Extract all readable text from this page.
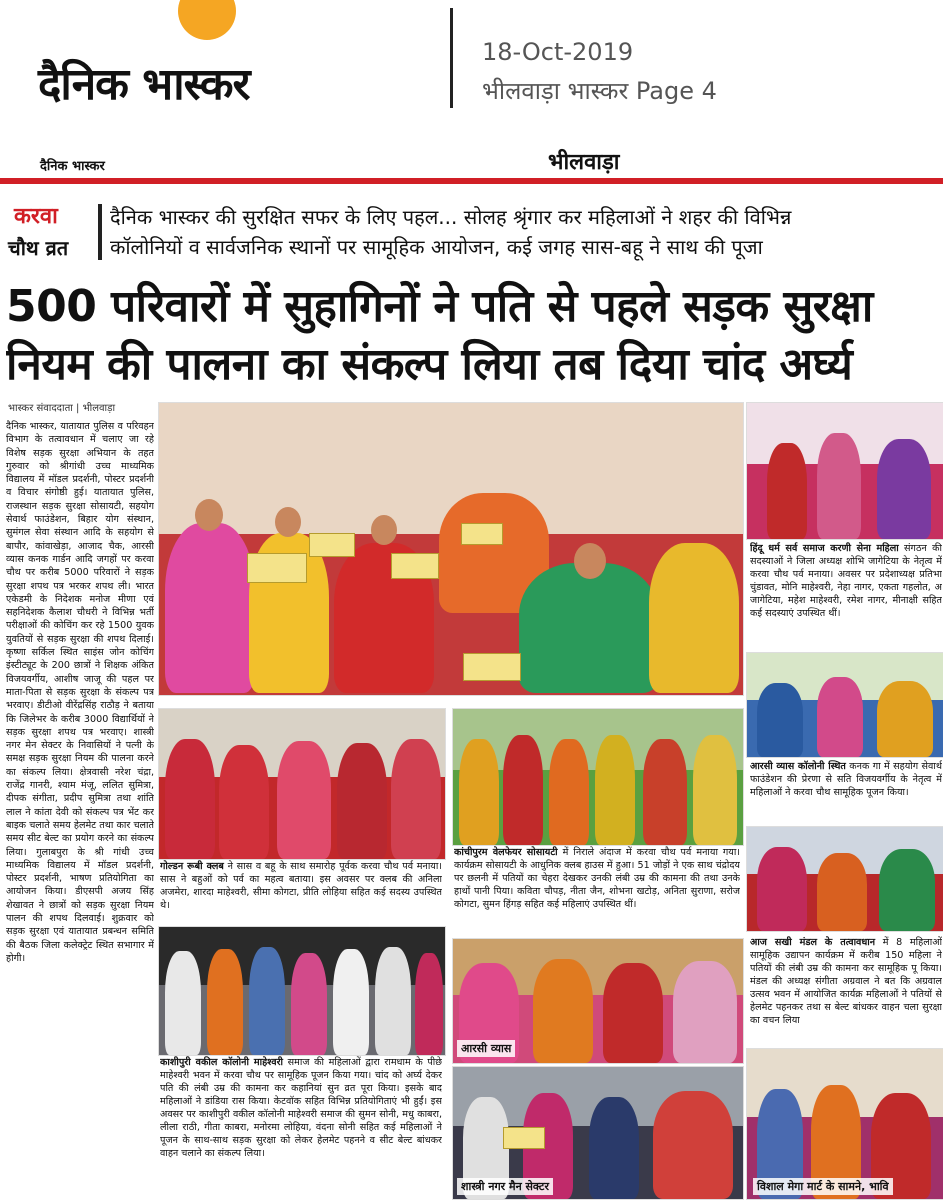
दैनिक भास्कर
18-Oct-2019
भीलवाड़ा भास्कर Page 4
दैनिक भास्कर	भीलवाड़ा
करवा
चौथ व्रत
दैनिक भास्कर की सुरक्षित सफर के लिए पहल... सोलह श्रृंगार कर महिलाओं ने शहर की विभिन्न
कॉलोनियों व सार्वजनिक स्थानों पर सामूहिक आयोजन, कई जगह सास-बहू ने साथ की पूजा
500 परिवारों में सुहागिनों ने पति से पहले सड़क सुरक्षा
नियम की पालना का संकल्प लिया तब दिया चांद अर्घ्य
भास्कर संवाददाता | भीलवाड़ा
दैनिक भास्कर, यातायात पुलिस व परिवहन विभाग के तत्वावधान में चलाए जा रहे विशेष सड़क सुरक्षा अभियान के तहत गुरुवार को श्रीगांधी उच्च माध्यमिक विद्यालय में मॉडल प्रदर्शनी, पोस्टर प्रदर्शनी व विचार संगोष्ठी हुई। यातायात पुलिस, राजस्थान सड़क सुरक्षा सोसायटी, सहयोग सेवार्थ फाउंडेशन, बिहार योग संस्थान, सुमंगल सेवा संस्थान आदि के सहयोग से बापौर, कांवाखेड़ा, आजाद चैक, आरसी व्यास कनक गार्डन आदि जगहों पर करवा चौथ पर करीब 5000 परिवारों ने सड़क सुरक्षा शपथ पत्र भरकर शपथ ली। भारत एकेडमी के निदेशक मनोज मीणा एवं सहनिदेशक कैलाश चौधरी ने विभिन्न भर्ती परीक्षाओं की कोचिंग कर रहे 1500 युवक युवतियों से सड़क सुरक्षा की शपथ दिलाई। कृष्णा सर्किल स्थित साइंस जोन कोचिंग इंस्टीट्यूट के 200 छात्रों ने शिक्षक अंकित विजयवर्गीय, आशीष जाजू की पहल पर माता-पिता से सड़क सुरक्षा के संकल्प पत्र भरवाए। डीटीओ वीरेंद्रसिंह राठौड़ ने बताया कि जिलेभर के करीब 3000 विद्यार्थियों ने सड़क सुरक्षा शपथ पत्र भरवाए। शास्त्री नगर मेन सेक्टर के निवासियों ने पत्नी के समक्ष सड़क सुरक्षा नियम की पालना करने का संकल्प लिया। क्षेत्रवासी नरेश चंद्रा, राजेंद्र गानरी, श्याम मंजू, ललित सुमित्रा, दीपक संगीता, प्रदीप सुमित्रा तथा शांति लाल ने कांता देवी को संकल्प पत्र भेंट कर बाइक चलाते समय हेलमेट तथा कार चलाते समय सीट बेल्ट का प्रयोग करने का संकल्प लिया। गुलाबपुरा के श्री गांधी उच्च माध्यमिक विद्यालय में मॉडल प्रदर्शनी, पोस्टर प्रदर्शनी, भाषण प्रतियोगिता का आयोजन किया। डीएसपी अजय सिंह शेखावत ने छात्रों को सड़क सुरक्षा नियम पालन की शपथ दिलवाई। शुक्रवार को सड़क सुरक्षा एवं यातायात प्रबन्धन समिति की बैठक जिला कलेक्ट्रेट स्थित सभागार में होगी।
हिंदू धर्म सर्व समाज करणी सेना महिला संगठन की सदस्याओं ने जिला अध्यक्ष शोभि जागेटिया के नेतृत्व में करवा चौथ पर्व मनाया। अवसर पर प्रदेशाध्यक्ष प्रतिभा चुंडावत, मोनि माहेश्वरी, नेहा नागर, एकता गहलोत, अ जागेटिया, महेश माहेश्वरी, रमेश नागर, मीनाक्षी सहित कई सदस्याएं उपस्थित थीं।
आरसी व्यास कॉलोनी स्थित कनक गा में सहयोग सेवार्थ फाउंडेशन की प्रेरणा से सति विजयवर्गीय के नेतृत्व में महिलाओं ने करवा चौथ सामूहिक पूजन किया।
आज सखी मंडल के तत्वावधान में 8 महिलाओं सामूहिक उद्यापन कार्यक्रम में करीब 150 महिला ने पतियों की लंबी उम्र की कामना कर सामूहिक पू किया। मंडल की अध्यक्ष संगीता अग्रवाल ने बत कि अग्रवाल उत्सव भवन में आयोजित कार्यक्र महिलाओं ने पतियों से हेलमेट पहनकर तथा स बेल्ट बांधकर वाहन चला सुरक्षा का वचन लिया
विशाल मेगा मार्ट के सामने, भावि
गोल्डन रूबी क्लब ने सास व बहू के साथ समारोह पूर्वक करवा चौथ पर्व मनाया। सास ने बहुओं को पर्व का महत्व बताया। इस अवसर पर क्लब की अनिला अजमेरा, शारदा माहेश्वरी, सीमा कोगटा, प्रीति लोहिया सहित कई सदस्य उपस्थित थे।
कांचीपुरम वेलफेयर सोसायटी में निराले अंदाज में करवा चौथ पर्व मनाया गया। कार्यक्रम सोसायटी के आधुनिक क्लब हाउस में हुआ। 51 जोड़ों ने एक साथ चंद्रोदय पर छलनी में पतियों का चेहरा देखकर उनकी लंबी उम्र की कामना की तथा उनके हाथों पानी पिया। कविता चौपड़, नीता जैन, शोभना खटोड़, अनिता सुराणा, सरोज कोगटा, सुमन हिंगड़ सहित कई महिलाएं उपस्थित थीं।
काशीपुरी वकील कॉलोनी माहेश्वरी समाज की महिलाओं द्वारा रामधाम के पीछे माहेश्वरी भवन में करवा चौथ पर सामूहिक पूजन किया गया। चांद को अर्घ्य देकर पति की लंबी उम्र की कामना कर कहानियां सुन व्रत पूरा किया। इसके बाद महिलाओं ने डांडिया रास किया। केटवॉक सहित विभिन्न प्रतियोगिताएं भी हुईं। इस अवसर पर काशीपुरी वकील कॉलोनी माहेश्वरी समाज की सुमन सोनी, मधु काबरा, लीला राठी, गीता काबरा, मनोरमा लोहिया, वंदना सोनी सहित कई महिलाओं ने पूजन के साथ-साथ सड़क सुरक्षा को लेकर हेलमेट पहनने व सीट बेल्ट बांधकर वाहन चलाने का संकल्प लिया।
आरसी व्यास
शास्त्री नगर मैन सेक्टर
